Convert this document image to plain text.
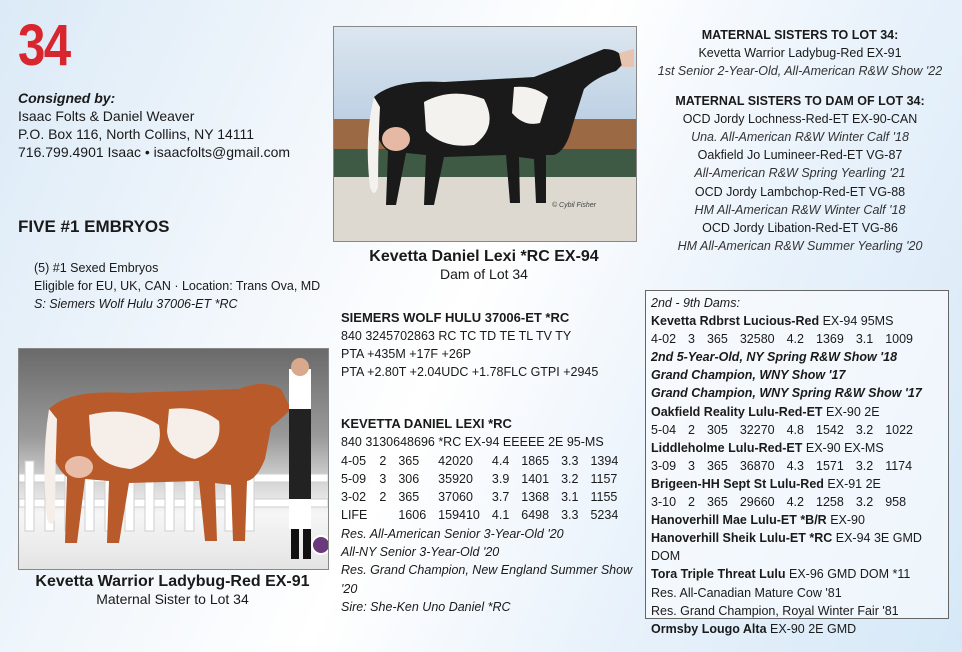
34
Consigned by:
Isaac Folts & Daniel Weaver
P.O. Box 116, North Collins, NY 14111
716.799.4901 Isaac • isaacfolts@gmail.com
FIVE #1 EMBRYOS
(5) #1 Sexed Embryos
Eligible for EU, UK, CAN · Location: Trans Ova, MD
S: Siemers Wolf Hulu 37006-ET *RC
© Cybil Fisher
Kevetta Daniel Lexi *RC EX-94
Dam of Lot 34
Kevetta Warrior Ladybug-Red EX-91
Maternal Sister to Lot 34
SIEMERS WOLF HULU 37006-ET *RC
840 3245702863 RC TC TD TE TL TV TY
PTA +435M +17F +26P
PTA +2.80T +2.04UDC +1.78FLC GTPI +2945
KEVETTA DANIEL LEXI *RC
840 3130648696 *RC EX-94 EEEEE 2E 95-MS
4-05	2	365	42020	4.4	1865	3.3	1394
5-09	3	306	35920	3.9	1401	3.2	1157
3-02	2	365	37060	3.7	1368	3.1	1155
LIFE		1606	159410	4.1	6498	3.3	5234
Res. All-American Senior 3-Year-Old '20
All-NY Senior 3-Year-Old '20
Res. Grand Champion, New England Summer Show '20
Sire: She-Ken Uno Daniel *RC
MATERNAL SISTERS TO LOT 34:
Kevetta Warrior Ladybug-Red EX-91
1st Senior 2-Year-Old, All-American R&W Show '22
MATERNAL SISTERS TO DAM OF LOT 34:
OCD Jordy Lochness-Red-ET EX-90-CAN
Una. All-American R&W Winter Calf '18
Oakfield Jo Lumineer-Red-ET VG-87
All-American R&W Spring Yearling '21
OCD Jordy Lambchop-Red-ET VG-88
HM All-American R&W Winter Calf '18
OCD Jordy Libation-Red-ET VG-86
HM All-American R&W Summer Yearling '20
2nd - 9th Dams:
Kevetta Rdbrst Lucious-Red EX-94 95MS
4-02	3	365	32580	4.2	1369	3.1	1009
2nd 5-Year-Old, NY Spring R&W Show '18
Grand Champion, WNY Show '17
Grand Champion, WNY Spring R&W Show '17
Oakfield Reality Lulu-Red-ET EX-90 2E
5-04	2	305	32270	4.8	1542	3.2	1022
Liddleholme Lulu-Red-ET EX-90 EX-MS
3-09	3	365	36870	4.3	1571	3.2	1174
Brigeen-HH Sept St Lulu-Red EX-91 2E
3-10	2	365	29660	4.2	1258	3.2	958
Hanoverhill Mae Lulu-ET *B/R EX-90
Hanoverhill Sheik Lulu-ET *RC EX-94 3E GMD DOM
Tora Triple Threat Lulu EX-96 GMD DOM *11
Res. All-Canadian Mature Cow '81
Res. Grand Champion, Royal Winter Fair '81
Ormsby Lougo Alta EX-90 2E GMD
